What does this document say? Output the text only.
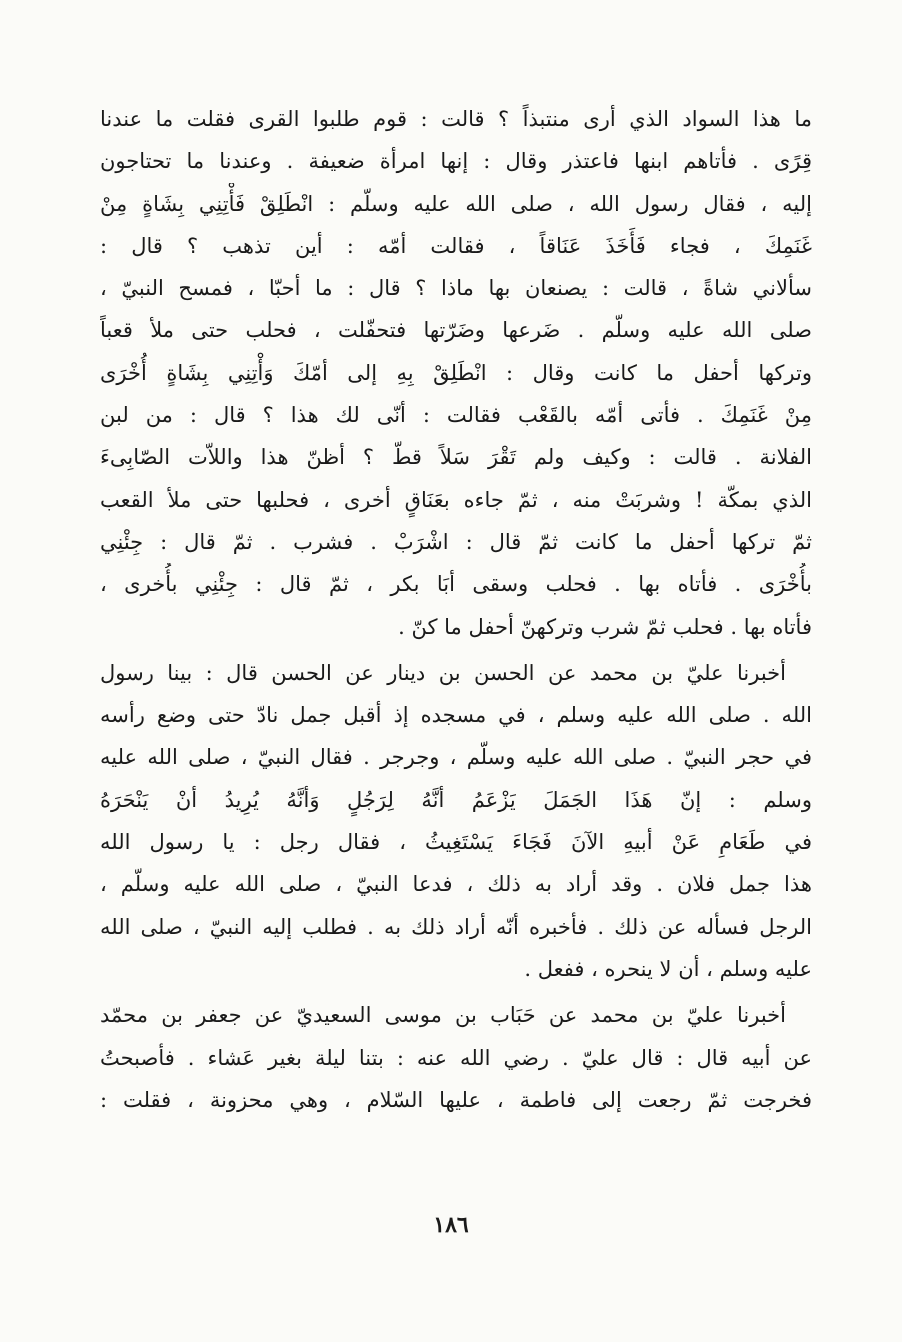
ما هذا السواد الذي أرى منتبذاً ؟ قالت : قوم طلبوا القرى فقلت ما عندنا
قِرًى . فأتاهم ابنها فاعتذر وقال : إنها امرأة ضعيفة . وعندنا ما تحتاجون
إليه ، فقال رسول الله ، صلى الله عليه وسلّم : انْطَلِقْ فَأْتِنِي بِشَاةٍ مِنْ
غَنَمِكَ ، فجاء فَأَخَذَ عَنَاقاً ، فقالت أمّه : أين تذهب ؟ قال :
سألاني شاةً ، قالت : يصنعان بها ماذا ؟ قال : ما أحبّا ، فمسح النبيّ ،
صلى الله عليه وسلّم . ضَرعها وضَرّتها فتحفّلت ، فحلب حتى ملأ قعباً
وتركها أحفل ما كانت وقال : انْطَلِقْ بِهِ إلى أمّكَ وَأْتِنِي بِشَاةٍ أُخْرَى
مِنْ غَنَمِكَ . فأتى أمّه بالقَعْب فقالت : أنّى لك هذا ؟ قال : من لبن
الفلانة . قالت : وكيف ولم تَقْرَ سَلاً قطّ ؟ أظنّ هذا واللاّت الصّابِىءَ
الذي بمكّة ! وشربَتْ منه ، ثمّ جاءه بعَنَاقٍ أخرى ، فحلبها حتى ملأ القعب
ثمّ تركها أحفل ما كانت ثمّ قال : اشْرَبْ . فشرب . ثمّ قال : جِئْنِي
بأُخْرَى . فأتاه بها . فحلب وسقى أبَا بكر ، ثمّ قال : جِئْنِي بأُخرى ،
فأتاه بها . فحلب ثمّ شرب وتركهنّ أحفل ما كنّ .
أخبرنا عليّ بن محمد عن الحسن بن دينار عن الحسن قال : بينا رسول
الله . صلى الله عليه وسلم ، في مسجده إذ أقبل جمل نادّ حتى وضع رأسه
في حجر النبيّ . صلى الله عليه وسلّم ، وجرجر . فقال النبيّ ، صلى الله عليه
وسلم : إنّ هَذَا الجَمَلَ يَزْعَمُ أنَّهُ لِرَجُلٍ وَأنَّهُ يُرِيدُ أنْ يَنْحَرَهُ
في طَعَامِ عَنْ أبيهِ الآنَ فَجَاءَ يَسْتَغِيثُ ، فقال رجل : يا رسول الله
هذا جمل فلان . وقد أراد به ذلك ، فدعا النبيّ ، صلى الله عليه وسلّم ،
الرجل فسأله عن ذلك . فأخبره أنّه أراد ذلك به . فطلب إليه النبيّ ، صلى الله
عليه وسلم ، أن لا ينحره ، ففعل .
أخبرنا عليّ بن محمد عن حَبَاب بن موسى السعيديّ عن جعفر بن محمّد
عن أبيه قال : قال عليّ . رضي الله عنه : بتنا ليلة بغير عَشاء . فأصبحتُ
فخرجت ثمّ رجعت إلى فاطمة ، عليها السّلام ، وهي محزونة ، فقلت :
١٨٦
